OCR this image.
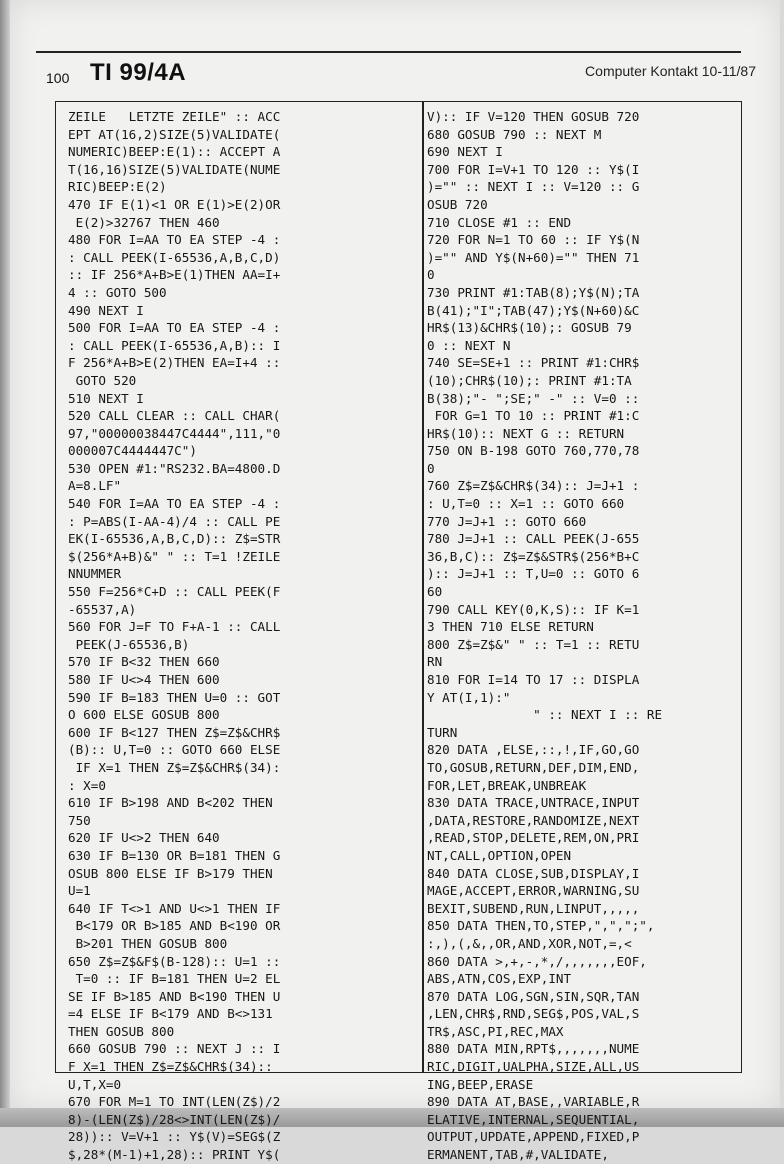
100 TI 99/4A	Computer Kontakt 10-11/87
ZEILE   LETZTE ZEILE" :: ACC
EPT AT(16,2)SIZE(5)VALIDATE(
NUMERIC)BEEP:E(1):: ACCEPT A
T(16,16)SIZE(5)VALIDATE(NUME
RIC)BEEP:E(2)
470 IF E(1)<1 OR E(1)>E(2)OR
E(2)>32767 THEN 460
480 FOR I=AA TO EA STEP -4 :
: CALL PEEK(I-65536,A,B,C,D)
:: IF 256*A+B>E(1)THEN AA=I+
4 :: GOTO 500
490 NEXT I
500 FOR I=AA TO EA STEP -4 :
: CALL PEEK(I-65536,A,B):: I
F 256*A+B>E(2)THEN EA=I+4 ::
GOTO 520
510 NEXT I
520 CALL CLEAR :: CALL CHAR(
97,"00000038447C4444",111,"0
000007C4444447C")
530 OPEN #1:"RS232.BA=4800.D
A=8.LF"
540 FOR I=AA TO EA STEP -4 :
: P=ABS(I-AA-4)/4 :: CALL PE
EK(I-65536,A,B,C,D):: Z$=STR
$(256*A+B)&" " :: T=1 !ZEILE
NNUMMER
550 F=256*C+D :: CALL PEEK(F
-65537,A)
560 FOR J=F TO F+A-1 :: CALL
PEEK(J-65536,B)
570 IF B<32 THEN 660
580 IF U<>4 THEN 600
590 IF B=183 THEN U=0 :: GOT
O 600 ELSE GOSUB 800
600 IF B<127 THEN Z$=Z$&CHR$
(B):: U,T=0 :: GOTO 660 ELSE
IF X=1 THEN Z$=Z$&CHR$(34):
: X=0
610 IF B>198 AND B<202 THEN
750
620 IF U<>2 THEN 640
630 IF B=130 OR B=181 THEN G
OSUB 800 ELSE IF B>179 THEN
U=1
640 IF T<>1 AND U<>1 THEN IF
B<179 OR B>185 AND B<190 OR
B>201 THEN GOSUB 800
650 Z$=Z$&F$(B-128):: U=1 ::
T=0 :: IF B=181 THEN U=2 EL
SE IF B>185 AND B<190 THEN U
=4 ELSE IF B<179 AND B<>131
THEN GOSUB 800
660 GOSUB 790 :: NEXT J :: I
F X=1 THEN Z$=Z$&CHR$(34)::
U,T,X=0
670 FOR M=1 TO INT(LEN(Z$)/2
8)-(LEN(Z$)/28<>INT(LEN(Z$)/
28)):: V=V+1 :: Y$(V)=SEG$(Z
$,28*(M-1)+1,28):: PRINT Y$(
V):: IF V=120 THEN GOSUB 720
680 GOSUB 790 :: NEXT M
690 NEXT I
700 FOR I=V+1 TO 120 :: Y$(I
)="" :: NEXT I :: V=120 :: G
OSUB 720
710 CLOSE #1 :: END
720 FOR N=1 TO 60 :: IF Y$(N
)="" AND Y$(N+60)="" THEN 71
0
730 PRINT #1:TAB(8);Y$(N);TA
B(41);"I";TAB(47);Y$(N+60)&C
HR$(13)&CHR$(10);: GOSUB 79
0 :: NEXT N
740 SE=SE+1 :: PRINT #1:CHR$
(10);CHR$(10);: PRINT #1:TA
B(38);"- ";SE;" -" :: V=0 ::
FOR G=1 TO 10 :: PRINT #1:C
HR$(10):: NEXT G :: RETURN
750 ON B-198 GOTO 760,770,78
0
760 Z$=Z$&CHR$(34):: J=J+1 :
: U,T=0 :: X=1 :: GOTO 660
770 J=J+1 :: GOTO 660
780 J=J+1 :: CALL PEEK(J-655
36,B,C):: Z$=Z$&STR$(256*B+C
):: J=J+1 :: T,U=0 :: GOTO 6
60
790 CALL KEY(0,K,S):: IF K=1
3 THEN 710 ELSE RETURN
800 Z$=Z$&" " :: T=1 :: RETU
RN
810 FOR I=14 TO 17 :: DISPLA
Y AT(I,1):"
" :: NEXT I :: RE
TURN
820 DATA ,ELSE,::,!,IF,GO,GO
TO,GOSUB,RETURN,DEF,DIM,END,
FOR,LET,BREAK,UNBREAK
830 DATA TRACE,UNTRACE,INPUT
,DATA,RESTORE,RANDOMIZE,NEXT
,READ,STOP,DELETE,REM,ON,PRI
NT,CALL,OPTION,OPEN
840 DATA CLOSE,SUB,DISPLAY,I
MAGE,ACCEPT,ERROR,WARNING,SU
BEXIT,SUBEND,RUN,LINPUT,,,,,
850 DATA THEN,TO,STEP,",",";",
:,),(,&,,OR,AND,XOR,NOT,=,<
860 DATA >,+,-,*,/,,,,,,,EOF,
ABS,ATN,COS,EXP,INT
870 DATA LOG,SGN,SIN,SQR,TAN
,LEN,CHR$,RND,SEG$,POS,VAL,S
TR$,ASC,PI,REC,MAX
880 DATA MIN,RPT$,,,,,,,NUME
RIC,DIGIT,UALPHA,SIZE,ALL,US
ING,BEEP,ERASE
890 DATA AT,BASE,,VARIABLE,R
ELATIVE,INTERNAL,SEQUENTIAL,
OUTPUT,UPDATE,APPEND,FIXED,P
ERMANENT,TAB,#,VALIDATE,
